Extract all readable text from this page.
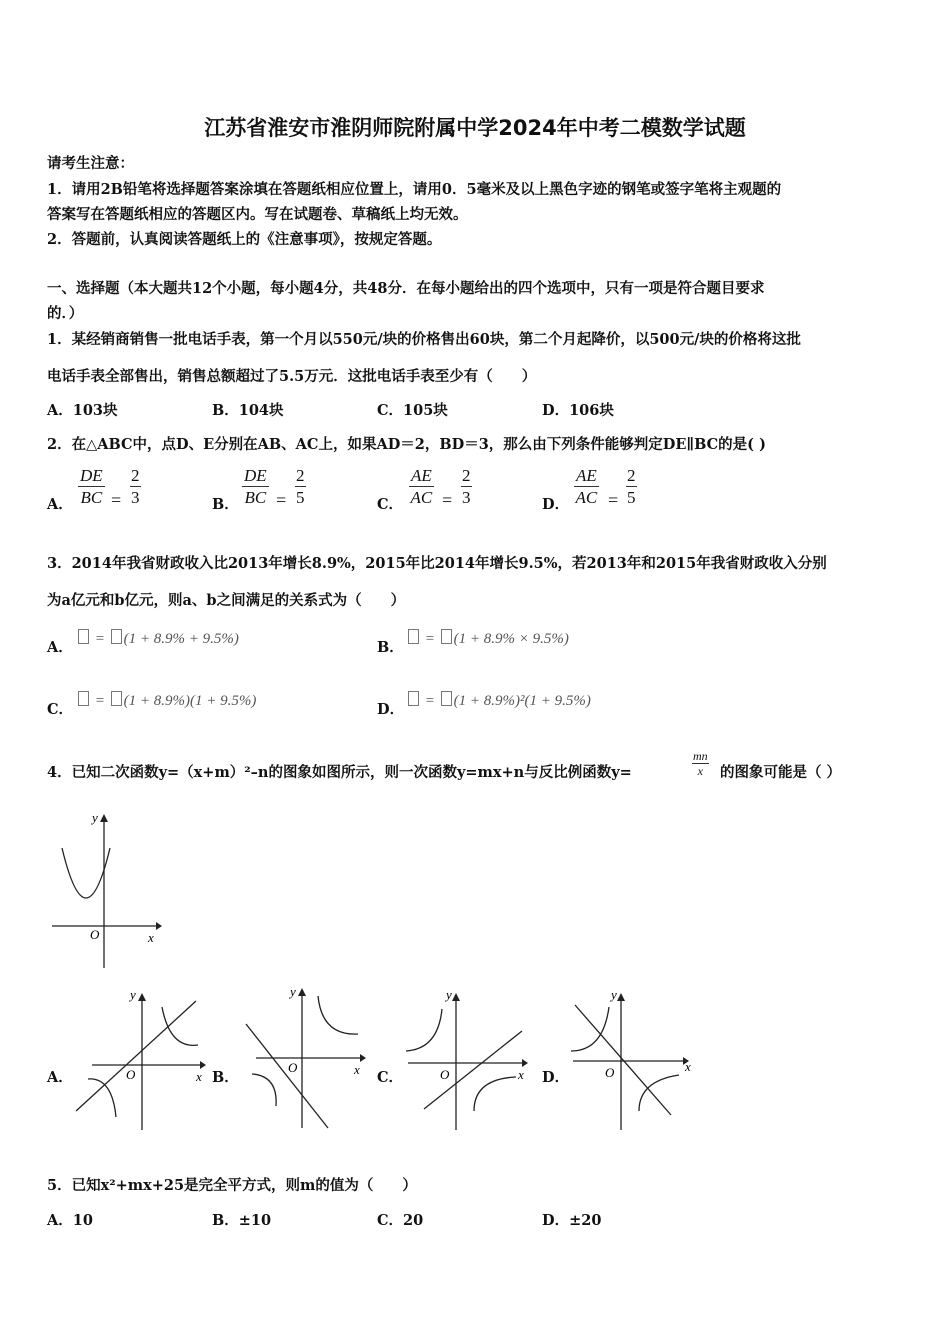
江苏省淮安市淮阴师院附属中学2024年中考二模数学试题
请考生注意：
1．请用2B铅笔将选择题答案涂填在答题纸相应位置上，请用0．5毫米及以上黑色字迹的钢笔或签字笔将主观题的
答案写在答题纸相应的答题区内。写在试题卷、草稿纸上均无效。
2．答题前，认真阅读答题纸上的《注意事项》，按规定答题。
一、选择题（本大题共12个小题，每小题4分，共48分．在每小题给出的四个选项中，只有一项是符合题目要求
的．）
1．某经销商销售一批电话手表，第一个月以550元/块的价格售出60块，第二个月起降价，以500元/块的价格将这批
电话手表全部售出，销售总额超过了5.5万元．这批电话手表至少有（　　）
A．103块	B．104块	C．105块	D．106块
2．在△ABC中，点D、E分别在AB、AC上，如果AD＝2，BD＝3，那么由下列条件能够判定DE∥BC的是( )
A． $\frac{DE}{BC} = \frac{2}{3}$	B． $\frac{DE}{BC} = \frac{2}{5}$	C． $\frac{AE}{AC} = \frac{2}{3}$	D． $\frac{AE}{AC} = \frac{2}{5}$
3．2014年我省财政收入比2013年增长8.9%，2015年比2014年增长9.5%，若2013年和2015年我省财政收入分别
为a亿元和b亿元，则a、b之间满足的关系式为（　　）
A．	= (1 + 8.9% + 9.5%)	B．	= (1 + 8.9% × 9.5%)
C．	= (1 + 8.9%)(1 + 9.5%)	D．	= (1 + 8.9%)²(1 + 9.5%)
4．已知二次函数y=（x+m）²–n的图象如图所示，则一次函数y=mx+n与反比例函数y=	$\frac{mn}{x}$ 的图象可能是（ ）
y
x
O
A．
y
x
O	B．
y
x
O
C．
y
x
O	D．
y
x
O
5．已知x²+mx+25是完全平方式，则m的值为（　　）
A．10	B．±10	C．20	D．±20
